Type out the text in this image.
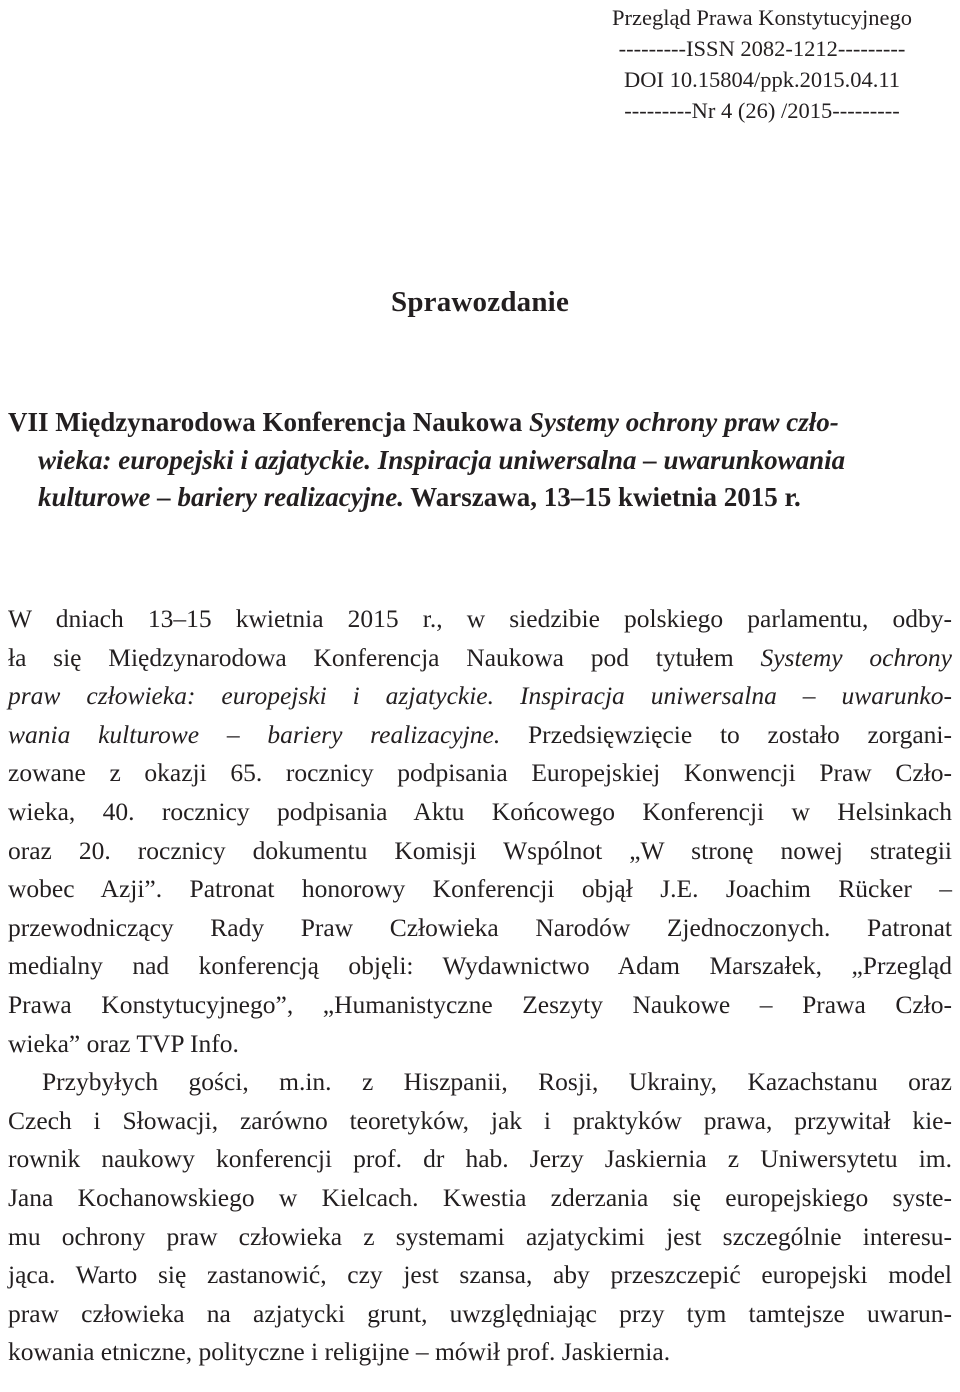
Przegląd Prawa Konstytucyjnego
---------ISSN 2082-1212---------
DOI 10.15804/ppk.2015.04.11
---------Nr 4 (26) /2015---------
Sprawozdanie
VII Międzynarodowa Konferencja Naukowa Systemy ochrony praw czło-
wieka: europejski i azjatyckie. Inspiracja uniwersalna – uwarunkowania
kulturowe – bariery realizacyjne. Warszawa, 13–15 kwietnia 2015 r.
W dniach 13–15 kwietnia 2015 r., w siedzibie polskiego parlamentu, odby-
ła się Międzynarodowa Konferencja Naukowa pod tytułem Systemy ochrony
praw człowieka: europejski i azjatyckie. Inspiracja uniwersalna – uwarunko-
wania kulturowe – bariery realizacyjne. Przedsięwzięcie to zostało zorgani-
zowane z okazji 65. rocznicy podpisania Europejskiej Konwencji Praw Czło-
wieka, 40. rocznicy podpisania Aktu Końcowego Konferencji w Helsinkach
oraz 20. rocznicy dokumentu Komisji Wspólnot „W stronę nowej strategii
wobec Azji”. Patronat honorowy Konferencji objął J.E. Joachim Rücker –
przewodniczący Rady Praw Człowieka Narodów Zjednoczonych. Patronat
medialny nad konferencją objęli: Wydawnictwo Adam Marszałek, „Przegląd
Prawa Konstytucyjnego”, „Humanistyczne Zeszyty Naukowe – Prawa Czło-
wieka” oraz TVP Info.
Przybyłych gości, m.in. z Hiszpanii, Rosji, Ukrainy, Kazachstanu oraz
Czech i Słowacji, zarówno teoretyków, jak i praktyków prawa, przywitał kie-
rownik naukowy konferencji prof. dr hab. Jerzy Jaskiernia z Uniwersytetu im.
Jana Kochanowskiego w Kielcach. Kwestia zderzania się europejskiego syste-
mu ochrony praw człowieka z systemami azjatyckimi jest szczególnie interesu-
jąca. Warto się zastanowić, czy jest szansa, aby przeszczepić europejski model
praw człowieka na azjatycki grunt, uwzględniając przy tym tamtejsze uwarun-
kowania etniczne, polityczne i religijne – mówił prof. Jaskiernia.
